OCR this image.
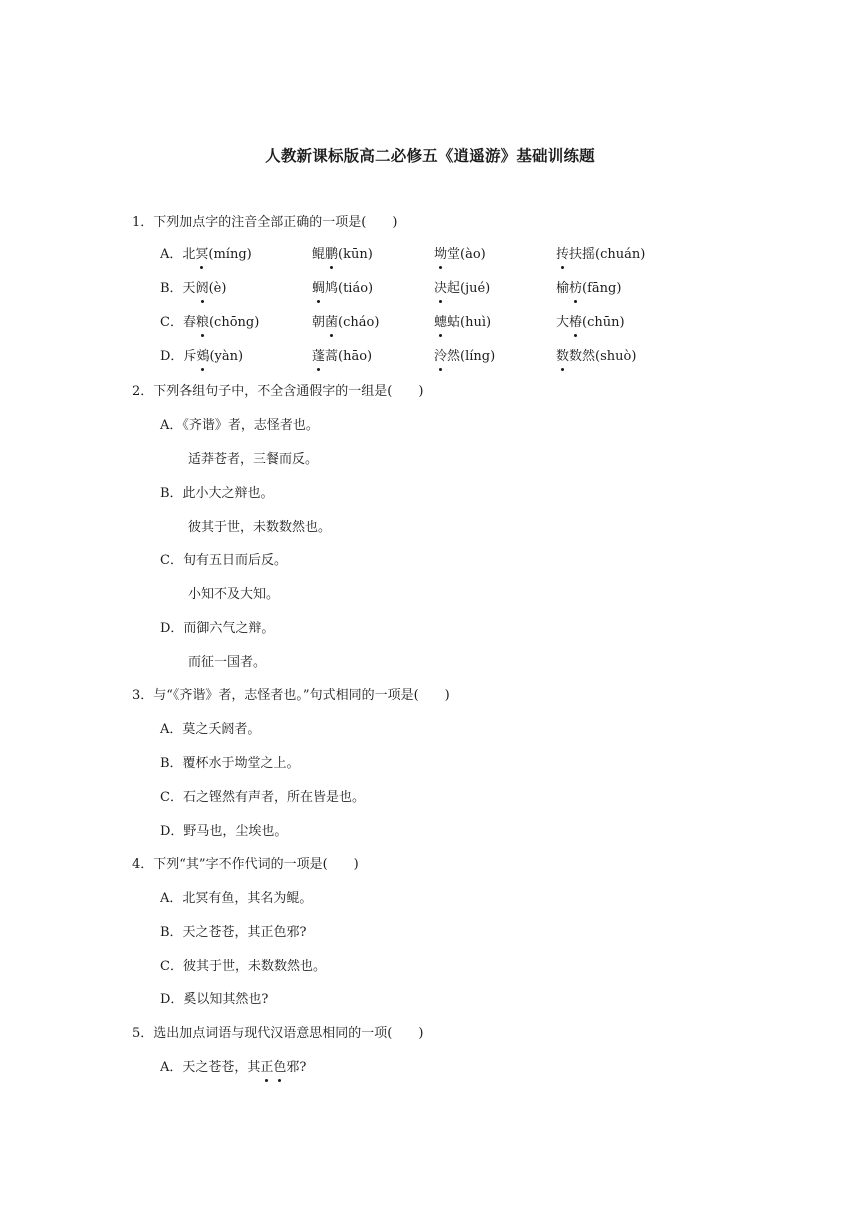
人教新课标版高二必修五《逍遥游》基础训练题
1．下列加点字的注音全部正确的一项是(　　)
A．北冥(míng)	鲲鹏(kūn)	坳堂(ào)	抟扶摇(chuán)
B．天阏(è)	蜩鸠(tiáo)	决起(jué)	榆枋(fāng)
C．春粮(chōng)	朝菌(cháo)	蟪蛄(huì)	大椿(chūn)
D．斥鴳(yàn)	蓬蒿(hāo)	泠然(líng)	数数然(shuò)
2．下列各组句子中，不全含通假字的一组是(　　)
A．《齐谐》者，志怪者也。
适莽苍者，三餐而反。
B．此小大之辩也。
彼其于世，未数数然也。
C．旬有五日而后反。
小知不及大知。
D．而御六气之辩。
而征一国者。
3．与“《齐谐》者，志怪者也。”句式相同的一项是(　　)
A．莫之夭阏者。
B．覆杯水于坳堂之上。
C．石之铿然有声者，所在皆是也。
D．野马也，尘埃也。
4．下列“其”字不作代词的一项是(　　)
A．北冥有鱼，其名为鲲。
B．天之苍苍，其正色邪?
C．彼其于世，未数数然也。
D．奚以知其然也?
5．选出加点词语与现代汉语意思相同的一项(　　)
A．天之苍苍，其正色邪?
